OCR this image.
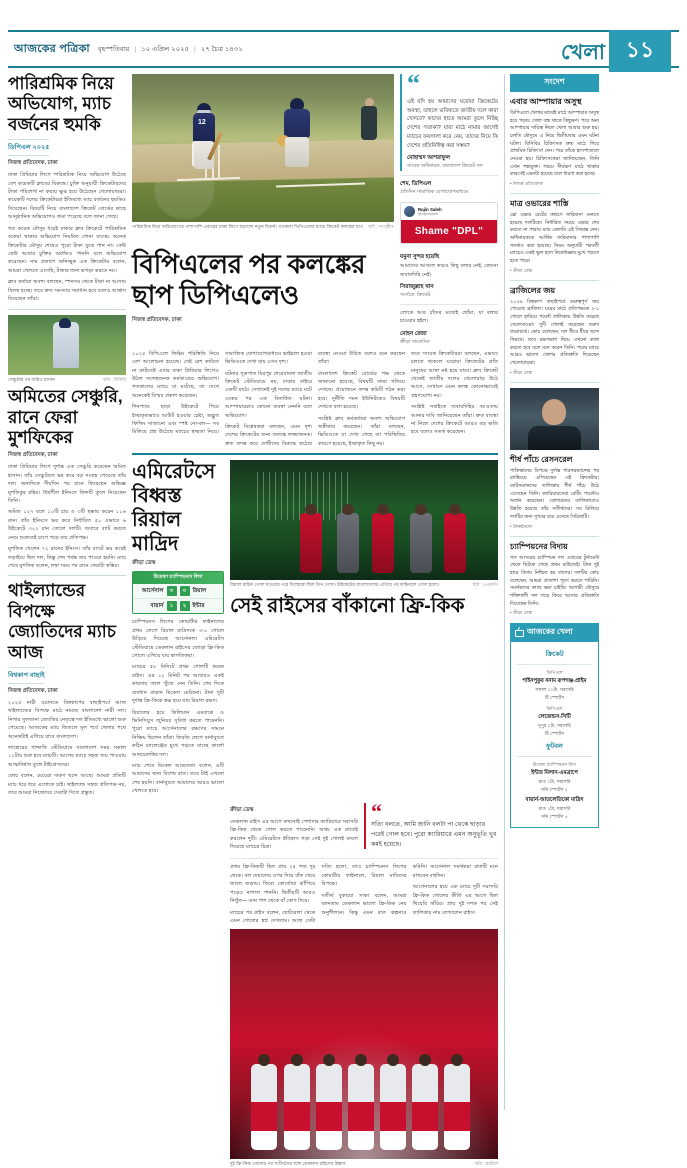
আজকের পত্রিকা	বৃহস্পতিবার | ১০ এপ্রিল ২০২৫ | ২৭ চৈত্র ১৪৩১	খেলা ১১
পারিশ্রমিক নিয়ে অভিযোগ, ম্যাচ বর্জনের হুমকি
ডিপিএল ২০২৫
নিজস্ব প্রতিবেদক, ঢাকা

ঢাকা প্রিমিয়ার লিগে পারিশ্রমিক নিয়ে অভিযোগ উঠেছে বেশ কয়েকটি ক্লাবের বিরুদ্ধে। চুক্তি অনুযায়ী ক্রিকেটারদের টাকা পরিশোধ না করায় ক্ষুব্ধ হয়ে উঠেছেন খেলোয়াড়রা। কয়েকটি দলের ক্রিকেটাররা ইতিমধ্যে ম্যাচ বর্জনের হুমকিও দিয়েছেন। বিষয়টি নিয়ে বাংলাদেশ ক্রিকেট বোর্ডের কাছে আনুষ্ঠানিক অভিযোগও জমা পড়েছে বলে জানা গেছে।

গত কয়েক মৌসুম ধরেই ঢাকার ক্লাব ক্রিকেটে পারিশ্রমিক বকেয়া থাকার অভিযোগ নিয়মিত শোনা যাচ্ছে। অনেক ক্রিকেটার মৌসুম শেষেও পুরো টাকা বুঝে পান না। কেউ কেউ আবার চুক্তির অর্ধেকও পাননি বলে অভিযোগ করেছেন। নাম প্রকাশে অনিচ্ছুক এক ক্রিকেটার বলেন, আমরা খেলতে এসেছি, টাকার জন্য ঝগড়া করতে নয়।

ক্লাব কর্তারা অবশ্য বলছেন, স্পনসর থেকে টাকা না আসায় বিলম্ব হচ্ছে। তবে দ্রুত সমস্যার সমাধান হবে বলেও আশ্বাস দিয়েছেন তাঁরা।

ছবি : বিসিবি
সেঞ্চুরির পর অমিত হাসান
অমিতের সেঞ্চুরি, রানে ফেরা মুশফিকের
নিজস্ব প্রতিবেদক, ঢাকা

ঢাকা প্রিমিয়ার লিগে দুর্দান্ত এক সেঞ্চুরি করেছেন অমিত হাসান। তাঁর সেঞ্চুরিতে ভর করে বড় সংগ্রহ পেয়েছে তাঁর দল। অন্যদিকে দীর্ঘদিন পর রানে ফিরেছেন অভিজ্ঞ মুশফিকুর রহিম। ধৈর্যশীল ইনিংসে ফিফটি তুলে নিয়েছেন তিনি।

অমিত ১২৭ বলে ১০টি চার ও ৩টি ছক্কায় করেন ১১৬ রান। তাঁর ইনিংসে ভর করে নির্ধারিত ৫০ ওভারে ৬ উইকেটে ৩০২ রান তোলে দলটি। জবাবে ব্যাট করতে নেমে শুরুতেই চাপে পড়ে যায় প্রতিপক্ষ।

মুশফিক খেলেন ৭২ রানের ইনিংস। তাঁর ব্যাটে ভর করেই লড়াইয়ে ছিল দল, কিন্তু শেষ পর্যন্ত জয় পাওয়া হয়নি। ম্যাচ শেষে মুশফিক বলেন, লম্বা সময় পর রানে ফেরাটা স্বস্তির।

থাইল্যান্ডের বিপক্ষে জ্যোতিদের ম্যাচ আজ
বিশ্বকাপ বাছাই
নিজস্ব প্রতিবেদক, ঢাকা

২০২৫ নারী ওয়ানডে বিশ্বকাপের বাছাইপর্বে আজ থাইল্যান্ডের বিপক্ষে মাঠে নামছে বাংলাদেশ নারী দল। নিগার সুলতানা জ্যোতির নেতৃত্বে দল ইতিমধ্যে ভালো শুরু পেয়েছে। আজকের ম্যাচ জিতলে মূল পর্বে খেলার পথে অনেকটাই এগিয়ে যাবে বাংলাদেশ।

লাহোরের গাদ্দাফি স্টেডিয়ামে বাংলাদেশ সময় সকাল ১১টায় শুরু হবে ম্যাচটি। আগের ম্যাচে সহজ জয় পাওয়ায় আত্মবিশ্বাস তুঙ্গে টাইগ্রেসদের।

কোচ বলেন, মেয়েরা দারুণ ছন্দে আছে। আমরা প্রতিটি ম্যাচ ধরে ধরে এগোতে চাই। থাইল্যান্ড সহজ প্রতিপক্ষ নয়, তবে আমরা নিজেদের সেরাটা দিতে প্রস্তুত।

12
ছবি : সংগৃহীত
পারিশ্রমিক নিয়ে অভিযোগের পাশাপাশি এবারের ঢাকা লিগে ছড়ালো নতুন বিতর্ক। গতকাল ডিপিএলের ম্যাচে ক্রিকেট কলঙ্কের ছাপ
“
এই যদি হয় আমাদের ঘরোয়া ক্রিকেটের অবস্থা, তাহলে ভবিষ্যতে জাতীয় দলে কারা খেলবে? কাদের হাতে আমরা তুলে নিচ্ছি দেশের পতাকা? যারা মাঠে নামার আগেই ম্যাচের ফয়সালা করে নেয়, তাদের নিয়ে কি দেশের প্রতিনিধিত্ব করা সম্ভব?
মোহাম্মদ আশরাফুল
সাবেক অধিনায়ক, বাংলাদেশ ক্রিকেট দল
শেম, ডিপিএল
প্রতিদিন সামাজিক যোগাযোগমাধ্যমে
Rajin Saleh
@rajinsaleh
Shame "DPL"
বিপিএলের পর কলঙ্কের ছাপ ডিপিএলেও
নিজস্ব প্রতিবেদক, ঢাকা
যমুনা সুন্দর হয়েছি

আমাদের আসলে কারও কিছু বলার নেই, কোনো জবাবদিহি নেই।

সিরাজুল্লাহ খান
সংগঠক, ক্রিকেট

লোকে আর চাঁদের মতোই ছোঁয়া, যা বলার চাওয়ার হইল।

মোহন রেজা
ক্রীড়া সাংবাদিক

২০২৫ বিপিএলে ফিক্সিং পরিস্থিতি নিয়ে বেশ আলোচনা হয়েছে। সেই রেশ কাটতে না কাটতেই এবার ঢাকা প্রিমিয়ার লিগেও উঠল সন্দেহজনক কর্মকাণ্ডের অভিযোগ। গতকালের ম্যাচে যা ঘটেছে, তা দেখে অনেকেই বিস্ময় প্রকাশ করেছেন।

শিনপ্যাড ছাড়া উইকেটে গিয়ে ইচ্ছাকৃতভাবে আউট হওয়ার চেষ্টা, অদ্ভুত ফিল্ডিং সাজানো এবং স্পষ্ট নো-বল— সব মিলিয়ে প্রশ্ন উঠেছে ম্যাচের স্বচ্ছতা নিয়ে। সামাজিক যোগাযোগমাধ্যমে ভাইরাল হওয়া ভিডিওতে দেখা যায় এসব দৃশ্য।

ঘটনার সূত্রপাত মিরপুর শেরেবাংলা জাতীয় ক্রিকেট স্টেডিয়ামে নয়, ঢাকার বাইরে একটি মাঠে। সেখানেই দুই দলের ম্যাচে ঘটে একের পর এক বিতর্কিত ঘটনা। আম্পায়াররাও কোনো ব্যবস্থা নেননি বলে অভিযোগ।

ক্রিকেট বিশ্লেষকরা বলছেন, এমন দৃশ্য দেশের ক্রিকেটের জন্য অত্যন্ত লজ্জাজনক। দ্রুত তদন্ত করে দোষীদের বিরুদ্ধে কঠোর ব্যবস্থা নেওয়া উচিত বলেও মনে করছেন তাঁরা।

বাংলাদেশ ক্রিকেট বোর্ডের পক্ষ থেকে জানানো হয়েছে, বিষয়টি তারা খতিয়ে দেখছে। প্রয়োজনে তদন্ত কমিটি গঠন করা হবে। দুর্নীতি দমন ইউনিটকেও বিষয়টি দেখতে বলা হয়েছে।

সংশ্লিষ্ট ক্লাব কর্মকর্তারা অবশ্য অভিযোগ অস্বীকার করেছেন। তাঁরা বলছেন, ভিডিওতে যা দেখা গেছে তা পরিস্থিতির কারণে হয়েছে, ইচ্ছাকৃত কিছু নয়।

তবে সাবেক ক্রিকেটাররা বলছেন, এভাবে চলতে থাকলে ঘরোয়া ক্রিকেটের প্রতি মানুষের আস্থা নষ্ট হয়ে যাবে। ক্লাব ক্রিকেট থেকেই জাতীয় দলের খেলোয়াড় উঠে আসে, সেখানে এমন কলঙ্ক কোনোভাবেই গ্রহণযোগ্য নয়।

সংশ্লিষ্ট সবাইকে জবাবদিহির আওতায় আনার দাবি জানিয়েছেন তাঁরা। দ্রুত ব্যবস্থা না নিলে দেশের ক্রিকেটে আরও বড় ক্ষতি হবে বলেও সতর্ক করেছেন।

এমিরেটসে বিধ্বস্ত রিয়াল মাদ্রিদ
ক্রীড়া ডেস্ক
উয়েফা চ্যাম্পিয়নস লিগ
আর্সেনাল	৩	০	রিয়াল
বায়ার্ন	১	২	ইন্টার

চ্যাম্পিয়নস লিগের কোয়ার্টার ফাইনালের প্রথম লেগে রিয়াল মাদ্রিদকে ৩-০ গোলে উড়িয়ে দিয়েছে আর্সেনাল। এমিরেটস স্টেডিয়ামে ডেকলান রাইসের জোড়া ফ্রি-কিক গোলে এগিয়ে যায় স্বাগতিকরা।

ম্যাচের ৫৮ মিনিটে প্রথম গোলটি করেন রাইস। এর ১২ মিনিট পর আবারও একই কায়দায় জাল খুঁজে নেন তিনি। শেষ দিকে ব্যবধান বাড়ান মিকেল মেরিনো। টানা দুটি দুর্দান্ত ফ্রি-কিকে স্তব্ধ হয়ে যায় রিয়াল রক্ষণ।

রিয়ালের হয়ে কিলিয়ান এমবাপ্পে ও ভিনিসিয়ুস জুনিয়র সুবিধা করতে পারেননি। পুরো ম্যাচে আর্সেনালের রক্ষণের সামনে নিষ্ক্রিয় ছিলেন তাঁরা। ফিরতি লেগে বার্নাব্যুতে কঠিন চ্যালেঞ্জের মুখে পড়তে যাচ্ছে কার্লো আনচেলত্তির দল।

ম্যাচ শেষে মিকেল আরতেতা বলেন, এটি আমাদের জন্য বিশেষ রাত। তবে টাই এখনো শেষ হয়নি। বার্নাব্যুতে আমাদের আরও ভালো খেলতে হবে।

ছবি : এএফপি
রিয়াল মাদ্রিদ গোল খাওয়ার পরে দিশেহারা ছিল তিন গোল। উইকেটের বাংলাদেশের এগিয়ে পর ফাইনালে গোল হলো।
সেই রাইসের বাঁকানো ফ্রি-কিক
ক্রীড়া ডেস্ক

ডেকলান রাইস এর আগে কখনোই পেশাদার ক্যারিয়ারে সরাসরি ফ্রি-কিক থেকে গোল করতে পারেননি। অথচ এক রাতেই করলেন দুটি। এমিরেটসে ইতিহাস গড়া সেই দুই গোলই বদলে দিয়েছে ম্যাচের চিত্র।

“
সত্যি বলতে, আমি জানি বলটা পা থেকে ছাড়ার পরেই গোল হবে। পুরো ক্যারিয়ারে এমন অনুভূতি খুব কমই হয়েছে।

প্রথম ফ্রি-কিকটি ছিল প্রায় ২৫ গজ দূর থেকে। বল দেয়ালের ওপর দিয়ে বাঁক খেয়ে জালে জড়ায়। থিবো কোর্তোয়া ঝাঁপিয়ে পড়েও নাগাল পাননি। দ্বিতীয়টি আরও নিখুঁত— ডান পাশ থেকে বাঁ কোণ দিয়ে।

ম্যাচের পর রাইস বলেন, ছোটবেলা থেকে এমন গোলের স্বপ্ন দেখতাম। আজ সেটা সত্যি হলো, তাও চ্যাম্পিয়নস লিগের কোয়ার্টার ফাইনালে, রিয়াল মাদ্রিদের বিপক্ষে।

সতীর্থ বুকায়ো সাকা বলেন, আমরা জানতাম ডেকলান ভালো ফ্রি-কিক নেয় অনুশীলনে। কিন্তু এমন রাত কল্পনাও করিনি। আর্সেনাল সমর্থকরা রাতটি মনে রাখবেন বহুদিন।

আর্সেনালের হয়ে এক ম্যাচে দুটি সরাসরি ফ্রি-কিক গোলের কীর্তি এর আগে ছিল থিয়েরি অঁরির। প্রায় দুই দশক পর সেই তালিকায় নাম লেখালেন রাইস।

ছবি : রয়টার্স
দুই ফ্রি-কিক গোলের পর সতীর্থদের সঙ্গে ডেকলান রাইসের উল্লাস
সংদেশ
এবার আম্পায়ার অসুস্থ
ডিপিএলে খেলার মাঝেই মাঠে আম্পায়ার অসুস্থ হয়ে পড়ায় খেলা বন্ধ থাকে কিছুক্ষণ। পরে অন্য আম্পায়ার দায়িত্ব নিলে খেলা আবার শুরু হয়। চলতি মৌসুমে এ নিয়ে দ্বিতীয়বার এমন ঘটনা ঘটল। বিসিবির চিকিৎসক দ্রুত মাঠে গিয়ে প্রাথমিক চিকিৎসা দেন। পরে তাঁকে হাসপাতালে নেওয়া হয়। চিকিৎসকেরা জানিয়েছেন, তিনি এখন শঙ্কামুক্ত। গরমে দীর্ঘক্ষণ মাঠে থাকার কারণেই এমনটা হয়েছে বলে ধারণা করা হচ্ছে।
• নিজস্ব প্রতিবেদক
মাত্র ওভারের শাস্তি
স্লো ওভার রেটের কারণে জরিমানা গুনতে হয়েছে দলটিকে। নির্ধারিত সময়ে ওভার শেষ করতে না পারায় ম্যাচ রেফারি এই সিদ্ধান্ত দেন। অধিনায়ককে আর্থিক জরিমানার পাশাপাশি সতর্কও করা হয়েছে। নিয়ম অনুযায়ী পরবর্তী ম্যাচেও একই ভুল হলে নিষেধাজ্ঞার মুখে পড়তে হতে পারে।
• ক্রীড়া ডেস্ক
ব্রাজিলের জয়
২০২৬ বিশ্বকাপ বাছাইপর্বে গুরুত্বপূর্ণ জয় পেয়েছে ব্রাজিল। ঘরের মাঠে প্রতিপক্ষকে ২-১ গোলে হারিয়ে পয়েন্ট তালিকায় উন্নতি করেছে সেলেসাওরা। দুটি গোলই করেছেন তরুণ ফরোয়ার্ড। কোচ বলেছেন, দল ধীরে ধীরে ছন্দে ফিরছে। তবে রক্ষণভাগ নিয়ে এখনো কাজ করতে হবে বলে মনে করেন তিনি। পরের ম্যাচে আরও ভালো খেলার প্রতিশ্রুতি দিয়েছেন খেলোয়াড়রা।
• ক্রীড়া ডেস্ক
শীর্ষ পাঁচে রেসনরেল
পাকিস্তানের বিপক্ষে দুর্দান্ত পারফরম্যান্সের পর র‍্যাঙ্কিংয়ে এগিয়েছেন এই ক্রিকেটার। ব্যাটসম্যানদের তালিকায় শীর্ষ পাঁচে উঠে এসেছেন তিনি। ক্যারিয়ারসেরা রেটিং পয়েন্টও অর্জন করেছেন। বোলারদের তালিকাতেও উন্নতি হয়েছে তাঁর সতীর্থদের। সব মিলিয়ে দলটির জন্য সুখবর বয়ে এনেছে সিরিজটি।
• ক্রিকইনফো
চ্যাম্পিয়নের বিদায়
গত আসরের চ্যাম্পিয়ন দল এবারের টুর্নামেন্ট থেকে ছিটকে গেছে প্রথম রাউন্ডেই। টানা দুই হারে বিদায় নিশ্চিত হয় তাদের। দলটির কোচ বলেছেন, আমরা প্রত্যাশা পূরণ করতে পারিনি। সমর্থকদের কাছে ক্ষমা চাইছি। আগামী মৌসুমে শক্তিশালী দল গড়ে ফিরে আসার প্রতিশ্রুতি দিয়েছেন তিনি।
• ক্রীড়া ডেস্ক
আজকের খেলা
ক্রিকেট
ডিপিএল
শাইনপুকুর বনাম রূপগঞ্জ-প্রাইম
সকাল ১১টা, সরাসরি
টি স্পোর্টস
ডিপিএল
লেজেন্ডস-সিটি
দুপুর ২টা, সরাসরি
টি স্পোর্টস
ফুটবল
উয়েফা চ্যাম্পিয়নস লিগ
ইন্টার মিলান-এমব্রাপে
রাত ১টা, সরাসরি
সনি স্পোর্টস ২
বায়ার্ন-আতলেতিকো মাদ্রিদ
রাত ১টা, সরাসরি
সনি স্পোর্টস ৫
